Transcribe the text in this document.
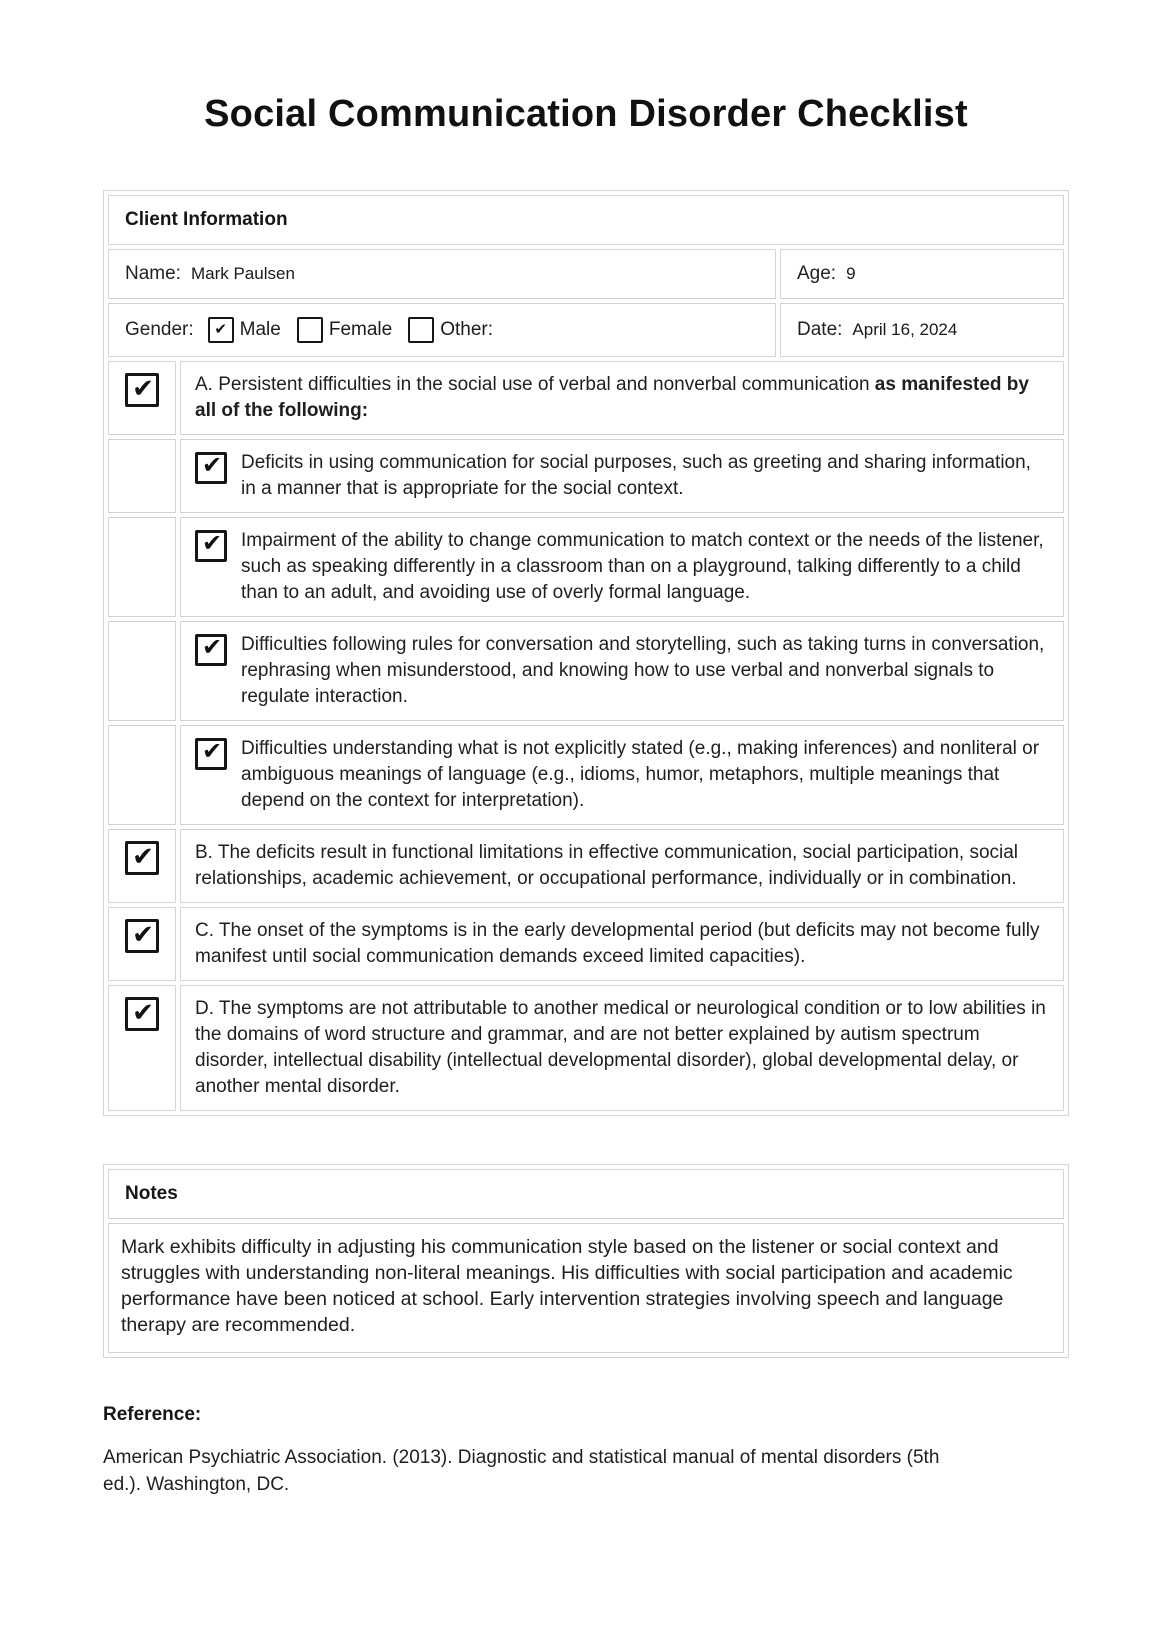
Social Communication Disorder Checklist
Client Information
Name: Mark Paulsen	Age: 9
Gender: ✔ Male	Female	Other:	Date: April 16, 2024
✔	A. Persistent difficulties in the social use of verbal and nonverbal communication as manifested by all of the following:
✔ Deficits in using communication for social purposes, such as greeting and sharing information, in a manner that is appropriate for the social context.
✔ Impairment of the ability to change communication to match context or the needs of the listener, such as speaking differently in a classroom than on a playground, talking differently to a child than to an adult, and avoiding use of overly formal language.
✔ Difficulties following rules for conversation and storytelling, such as taking turns in conversation, rephrasing when misunderstood, and knowing how to use verbal and nonverbal signals to regulate interaction.
✔ Difficulties understanding what is not explicitly stated (e.g., making inferences) and nonliteral or ambiguous meanings of language (e.g., idioms, humor, metaphors, multiple meanings that depend on the context for interpretation).
✔	B. The deficits result in functional limitations in effective communication, social participation, social relationships, academic achievement, or occupational performance, individually or in combination.
✔	C. The onset of the symptoms is in the early developmental period (but deficits may not become fully manifest until social communication demands exceed limited capacities).
✔	D. The symptoms are not attributable to another medical or neurological condition or to low abilities in the domains of word structure and grammar, and are not better explained by autism spectrum disorder, intellectual disability (intellectual developmental disorder), global developmental delay, or another mental disorder.
Notes
Mark exhibits difficulty in adjusting his communication style based on the listener or social context and struggles with understanding non-literal meanings. His difficulties with social participation and academic performance have been noticed at school. Early intervention strategies involving speech and language therapy are recommended.
Reference:
American Psychiatric Association. (2013). Diagnostic and statistical manual of mental disorders (5th ed.). Washington, DC.
